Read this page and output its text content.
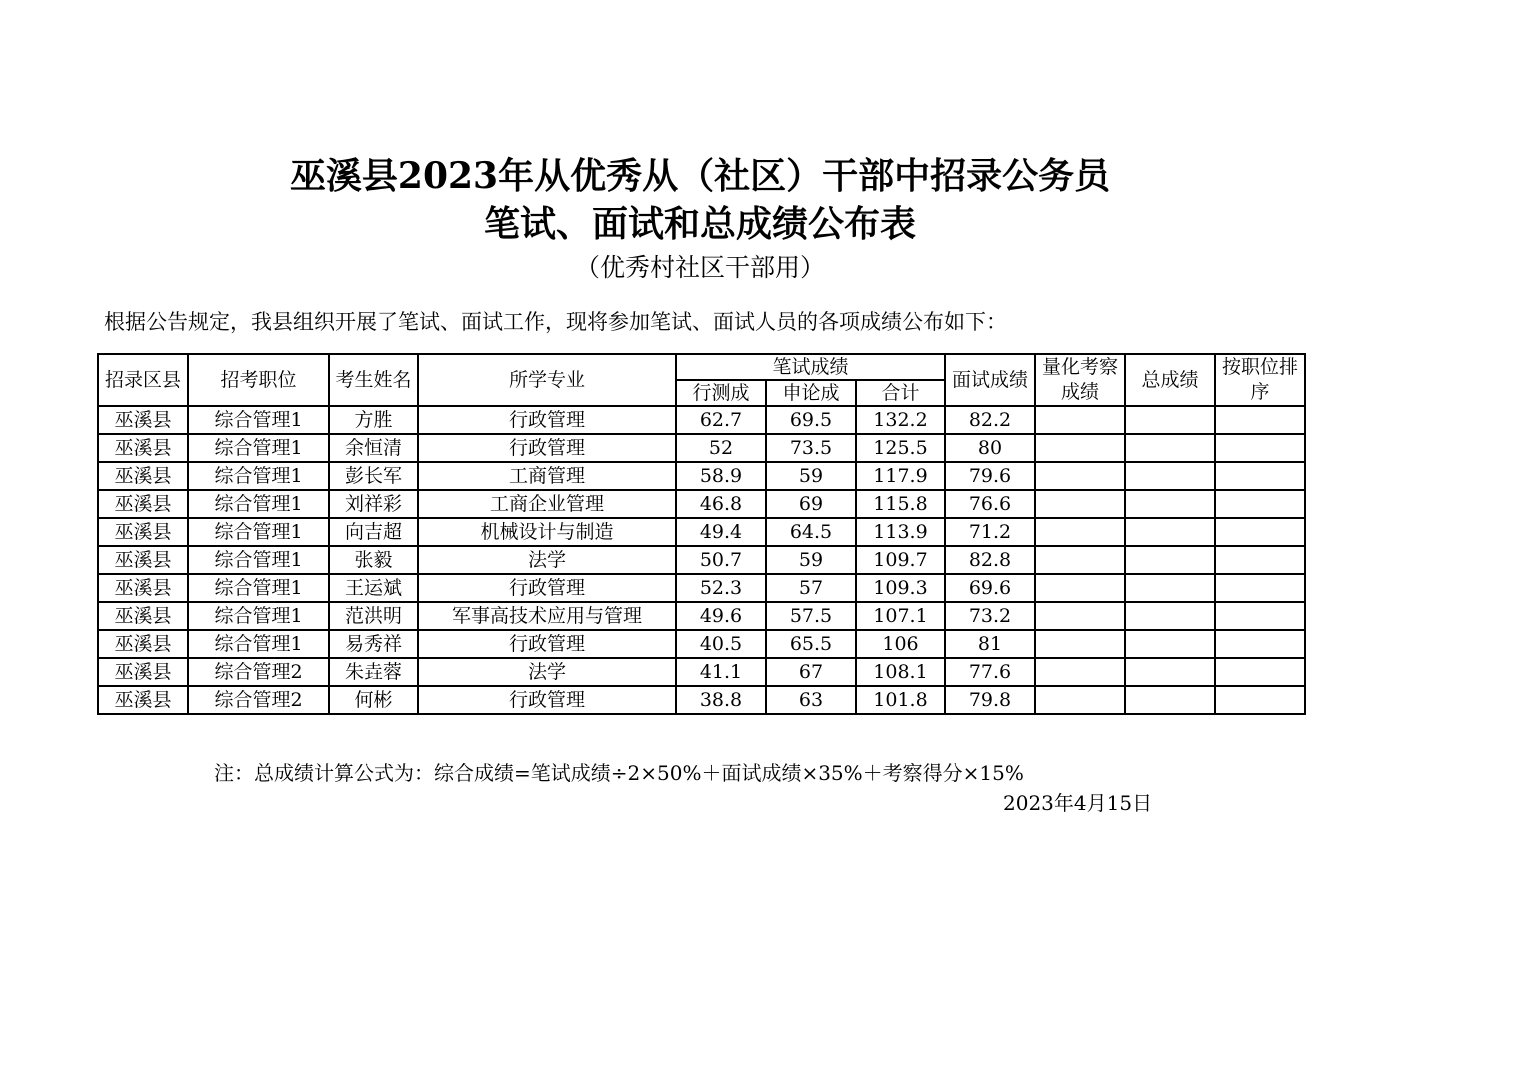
巫溪县2023年从优秀从（社区）干部中招录公务员
笔试、面试和总成绩公布表
（优秀村社区干部用）
根据公告规定，我县组织开展了笔试、面试工作，现将参加笔试、面试人员的各项成绩公布如下：
招录区县	招考职位	考生姓名	所学专业	笔试成绩			面试成绩	量化考察成绩	总成绩	按职位排序
				行测成	申论成	合计				
巫溪县	综合管理1	方胜	行政管理	62.7	69.5	132.2	82.2			
巫溪县	综合管理1	余恒清	行政管理	52	73.5	125.5	80			
巫溪县	综合管理1	彭长军	工商管理	58.9	59	117.9	79.6			
巫溪县	综合管理1	刘祥彩	工商企业管理	46.8	69	115.8	76.6			
巫溪县	综合管理1	向吉超	机械设计与制造	49.4	64.5	113.9	71.2			
巫溪县	综合管理1	张毅	法学	50.7	59	109.7	82.8			
巫溪县	综合管理1	王运斌	行政管理	52.3	57	109.3	69.6			
巫溪县	综合管理1	范洪明	军事高技术应用与管理	49.6	57.5	107.1	73.2			
巫溪县	综合管理1	易秀祥	行政管理	40.5	65.5	106	81			
巫溪县	综合管理2	朱垚蓉	法学	41.1	67	108.1	77.6			
巫溪县	综合管理2	何彬	行政管理	38.8	63	101.8	79.8			
注：总成绩计算公式为：综合成绩=笔试成绩÷2×50%＋面试成绩×35%＋考察得分×15%
2023年4月15日
